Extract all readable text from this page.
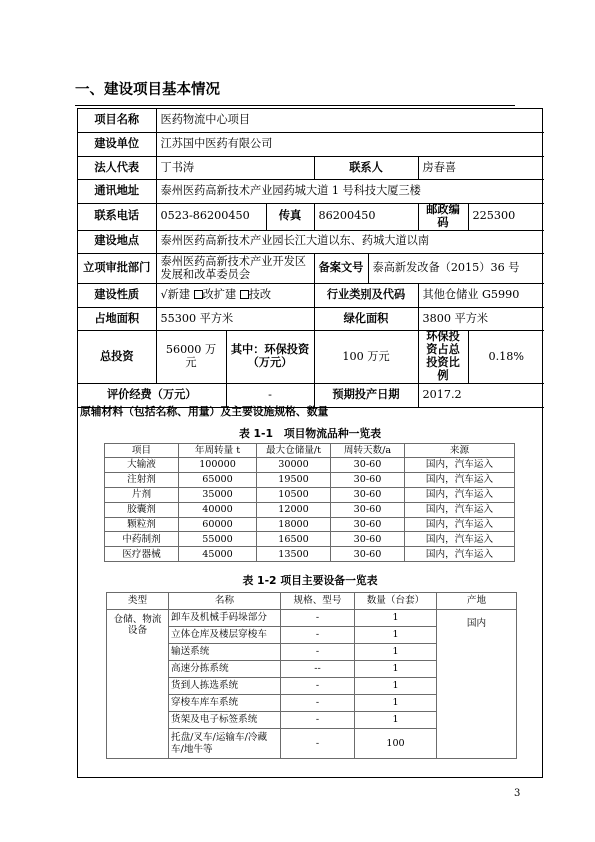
一、建设项目基本情况
项目名称	医药物流中心项目						
建设单位	江苏国中医药有限公司						
法人代表	丁书涛			联系人		房春喜	
通讯地址	泰州医药高新技术产业园药城大道 1 号科技大厦三楼						
联系电话	0523-86200450		传真	86200450		邮政编码	225300
建设地点	泰州医药高新技术产业园长江大道以东、药城大道以南						
立项审批部门	泰州医药高新技术产业开发区发展和改革委员会			备案文号	泰高新发改备（2015）36 号		
建设性质	√新建 改扩建 技改			行业类别及代码		其他仓储业 G5990	
占地面积	55300 平方米			绿化面积		3800 平方米	
总投资	56000 万元	其中：环保投资（万元）		100 万元		环保投资占总投资比例	0.18%
评价经费（万元）		-		预期投产日期		2017.2	
原辅材料（包括名称、用量）及主要设施规格、数量
表 1-1　项目物流品种一览表
项目	年周转量 t	最大仓储量/t	周转天数/a	来源
大输液	100000	30000	30-60	国内，汽车运入
注射剂	65000	19500	30-60	国内，汽车运入
片剂	35000	10500	30-60	国内，汽车运入
胶囊剂	40000	12000	30-60	国内，汽车运入
颗粒剂	60000	18000	30-60	国内，汽车运入
中药制剂	55000	16500	30-60	国内，汽车运入
医疗器械	45000	13500	30-60	国内，汽车运入
表 1-2 项目主要设备一览表
类型	名称	规格、型号	数量（台套）	产地
仓储、物流设备	卸车及机械手码垛部分	-	1	国内
	立体仓库及楼层穿梭车	-	1	
	输送系统	-	1	
	高速分拣系统	--	1	
	货到人拣选系统	-	1	
	穿梭车库车系统	-	1	
	货架及电子标签系统	-	1	
	托盘/叉车/运输车/冷藏车/地牛等	-	100	
3
